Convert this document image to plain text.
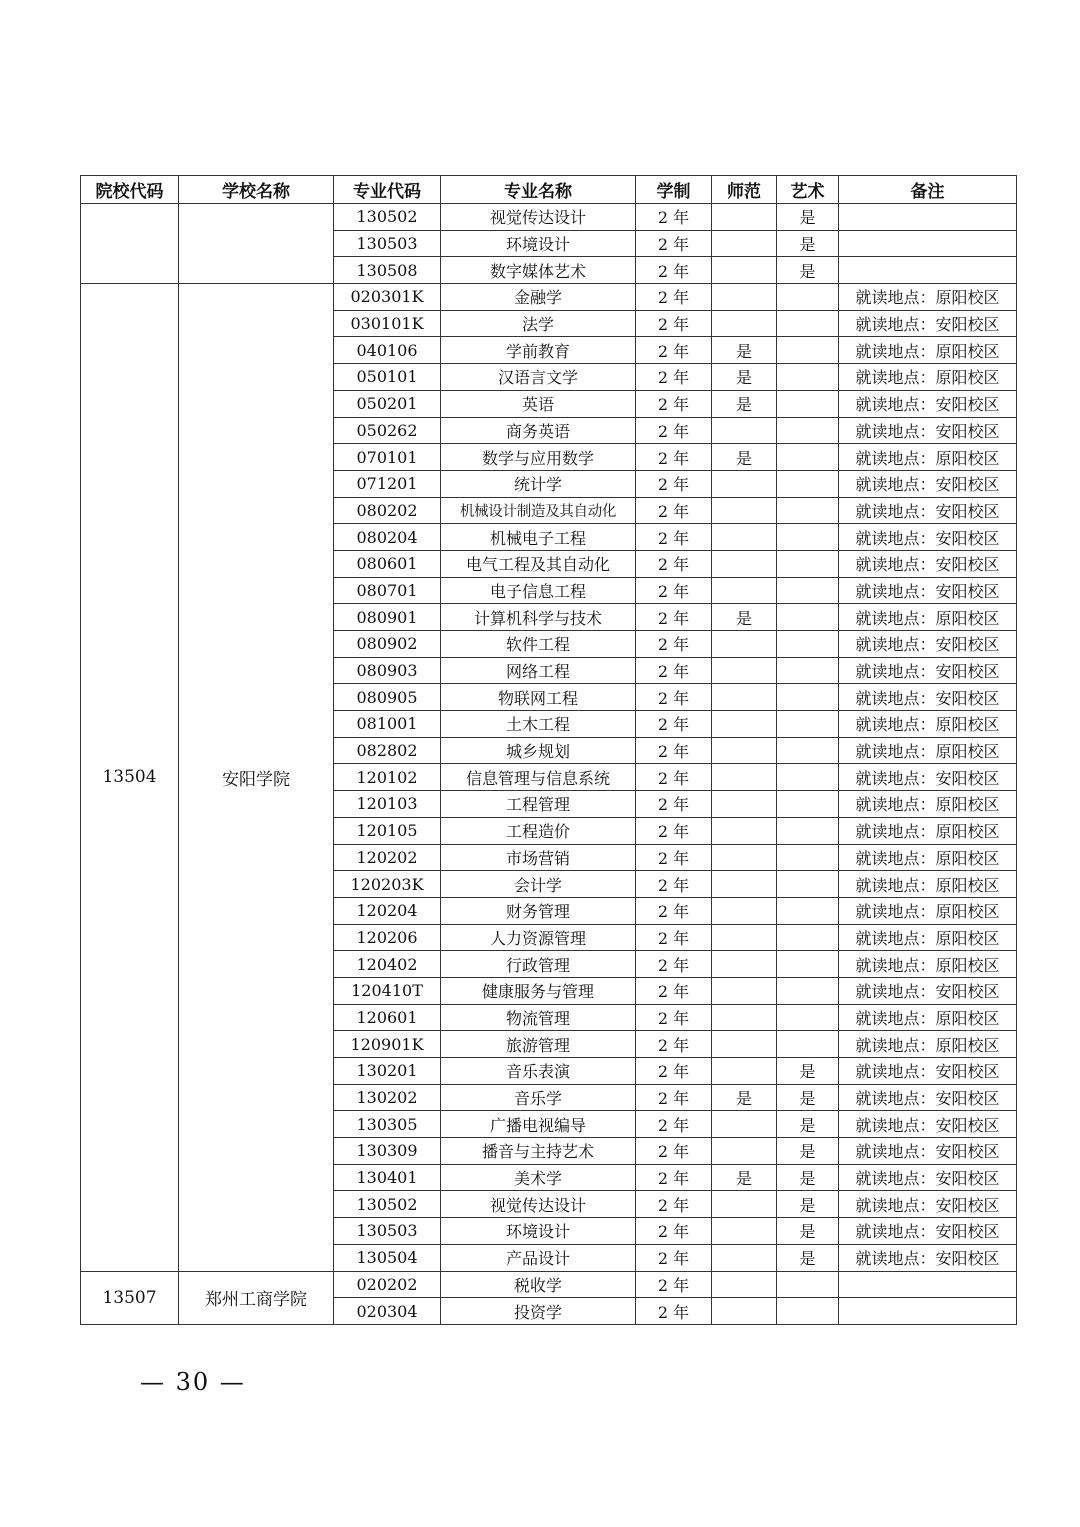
院校代码	学校名称	专业代码	专业名称	学制	师范	艺术	备注
		130502	视觉传达设计	2 年		是	
		130503	环境设计	2 年		是	
		130508	数字媒体艺术	2 年		是	
13504	安阳学院	020301K	金融学	2 年			就读地点：原阳校区
		030101K	法学	2 年			就读地点：安阳校区
		040106	学前教育	2 年	是		就读地点：原阳校区
		050101	汉语言文学	2 年	是		就读地点：原阳校区
		050201	英语	2 年	是		就读地点：安阳校区
		050262	商务英语	2 年			就读地点：安阳校区
		070101	数学与应用数学	2 年	是		就读地点：原阳校区
		071201	统计学	2 年			就读地点：安阳校区
		080202	机械设计制造及其自动化	2 年			就读地点：安阳校区
		080204	机械电子工程	2 年			就读地点：安阳校区
		080601	电气工程及其自动化	2 年			就读地点：安阳校区
		080701	电子信息工程	2 年			就读地点：安阳校区
		080901	计算机科学与技术	2 年	是		就读地点：原阳校区
		080902	软件工程	2 年			就读地点：安阳校区
		080903	网络工程	2 年			就读地点：安阳校区
		080905	物联网工程	2 年			就读地点：安阳校区
		081001	土木工程	2 年			就读地点：原阳校区
		082802	城乡规划	2 年			就读地点：原阳校区
		120102	信息管理与信息系统	2 年			就读地点：安阳校区
		120103	工程管理	2 年			就读地点：原阳校区
		120105	工程造价	2 年			就读地点：原阳校区
		120202	市场营销	2 年			就读地点：原阳校区
		120203K	会计学	2 年			就读地点：原阳校区
		120204	财务管理	2 年			就读地点：原阳校区
		120206	人力资源管理	2 年			就读地点：原阳校区
		120402	行政管理	2 年			就读地点：原阳校区
		120410T	健康服务与管理	2 年			就读地点：安阳校区
		120601	物流管理	2 年			就读地点：原阳校区
		120901K	旅游管理	2 年			就读地点：原阳校区
		130201	音乐表演	2 年		是	就读地点：安阳校区
		130202	音乐学	2 年	是	是	就读地点：安阳校区
		130305	广播电视编导	2 年		是	就读地点：安阳校区
		130309	播音与主持艺术	2 年		是	就读地点：安阳校区
		130401	美术学	2 年	是	是	就读地点：安阳校区
		130502	视觉传达设计	2 年		是	就读地点：安阳校区
		130503	环境设计	2 年		是	就读地点：安阳校区
		130504	产品设计	2 年		是	就读地点：安阳校区
13507	郑州工商学院	020202	税收学	2 年			
		020304	投资学	2 年			
— 30 —
